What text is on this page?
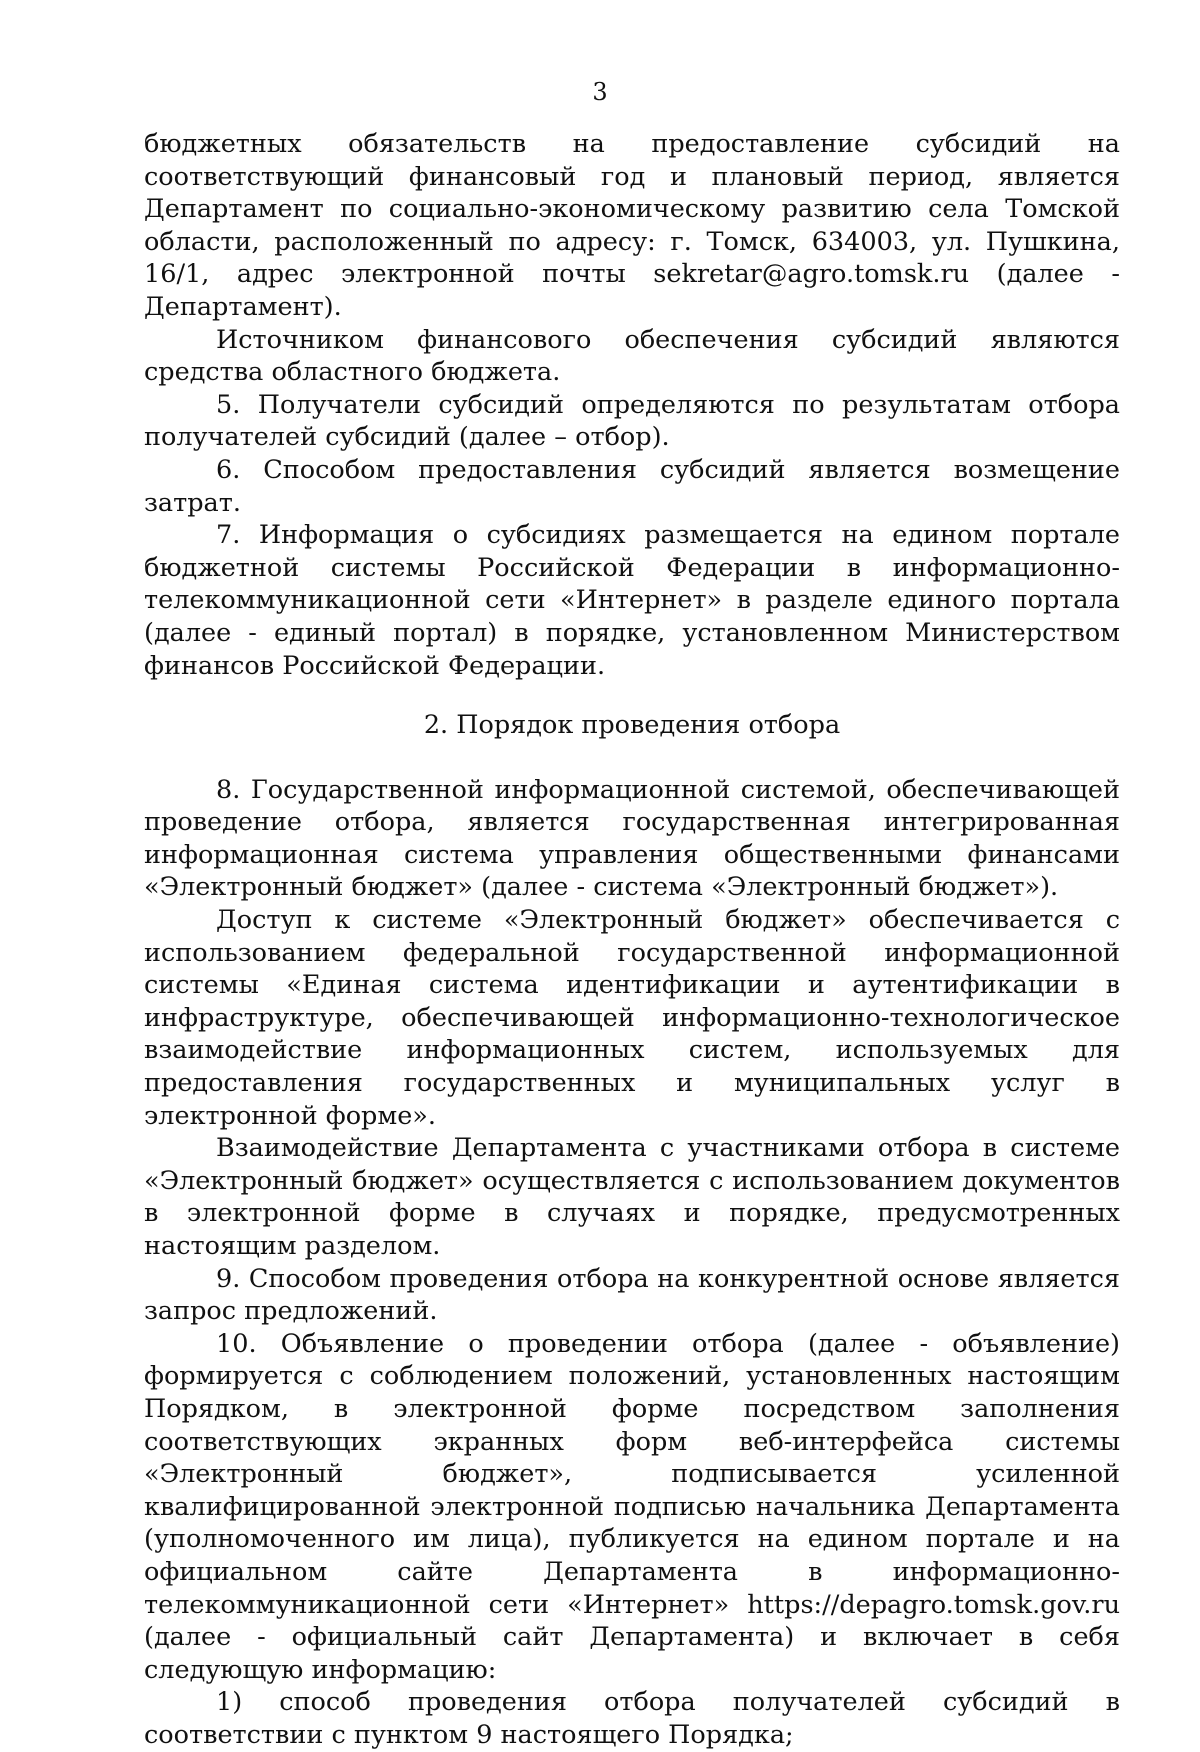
3

бюджетных обязательств на предоставление субсидий на соответствующий финансовый год и плановый период, является Департамент по социально-экономическому развитию села Томской области, расположенный по адресу: г. Томск, 634003, ул. Пушкина, 16/1, адрес электронной почты sekretar@agro.tomsk.ru (далее - Департамент).

Источником финансового обеспечения субсидий являются средства областного бюджета.

5. Получатели субсидий определяются по результатам отбора получателей субсидий (далее – отбор).

6. Способом предоставления субсидий является возмещение затрат.

7. Информация о субсидиях размещается на едином портале бюджетной системы Российской Федерации в информационно-телекоммуникационной сети «Интернет» в разделе единого портала (далее - единый портал) в порядке, установленном Министерством финансов Российской Федерации.

2. Порядок проведения отбора

8. Государственной информационной системой, обеспечивающей проведение отбора, является государственная интегрированная информационная система управления общественными финансами «Электронный бюджет» (далее - система «Электронный бюджет»).

Доступ к системе «Электронный бюджет» обеспечивается с использованием федеральной государственной информационной системы «Единая система идентификации и аутентификации в инфраструктуре, обеспечивающей информационно-технологическое взаимодействие информационных систем, используемых для предоставления государственных и муниципальных услуг в электронной форме».

Взаимодействие Департамента с участниками отбора в системе «Электронный бюджет» осуществляется с использованием документов в электронной форме в случаях и порядке, предусмотренных настоящим разделом.

9. Способом проведения отбора на конкурентной основе является запрос предложений.

10. Объявление о проведении отбора (далее - объявление) формируется с соблюдением положений, установленных настоящим Порядком, в электронной форме посредством заполнения соответствующих экранных форм веб-интерфейса системы «Электронный бюджет», подписывается усиленной квалифицированной электронной подписью начальника Департамента (уполномоченного им лица), публикуется на едином портале и на официальном сайте Департамента в информационно-телекоммуникационной сети «Интернет» https://depagro.tomsk.gov.ru (далее - официальный сайт Департамента) и включает в себя следующую информацию:

1) способ проведения отбора получателей субсидий в соответствии с пунктом 9 настоящего Порядка;
